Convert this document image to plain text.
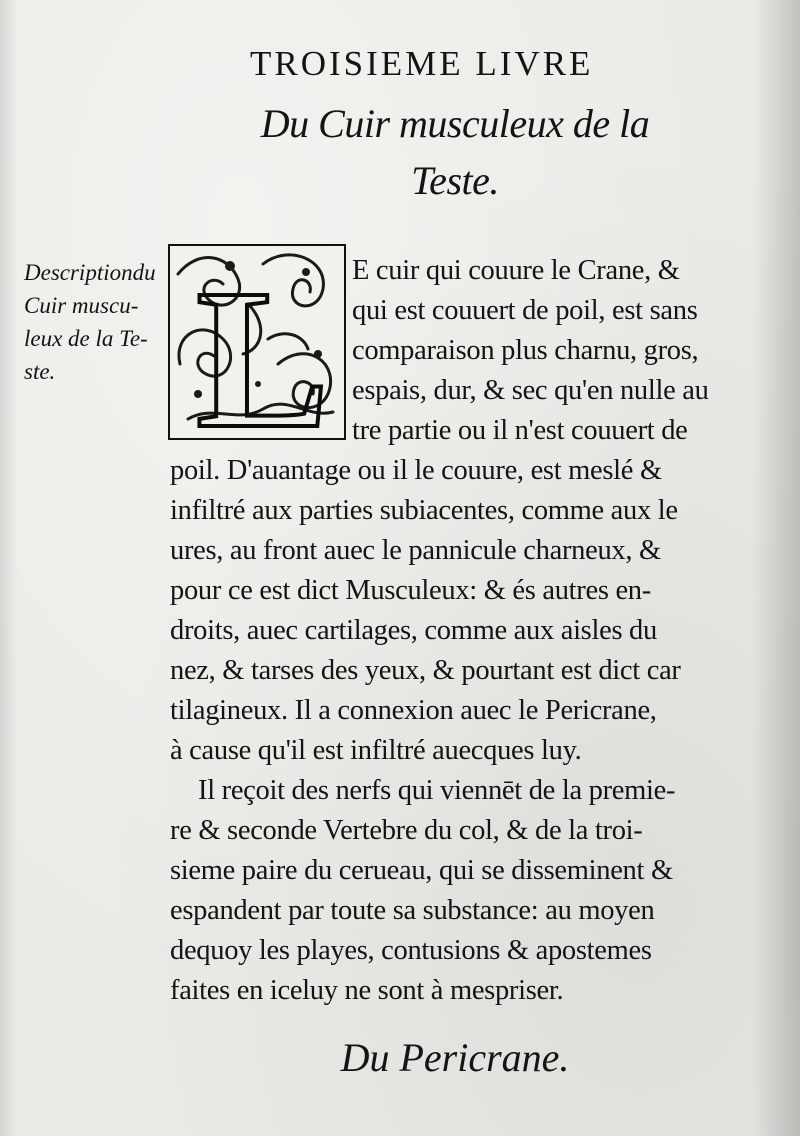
TROISIEME LIVRE
Du Cuir musculeux de la
Teste.
Descriptiondu
Cuir muscu-
leux de la Te-
ste. L E cuir qui couure le Crane, &
qui est couuert de poil, est sans
comparaison plus charnu, gros,
espais, dur, & sec qu'en nulle au
tre partie ou il n'est couuert de
poil. D'auantage ou il le couure, est meslé &
infiltré aux parties subiacentes, comme aux le
ures, au front auec le pannicule charneux, &
pour ce est dict Musculeux: & és autres en-
droits, auec cartilages, comme aux aisles du
nez, & tarses des yeux, & pourtant est dict car
tilagineux. Il a connexion auec le Pericrane,
à cause qu'il est infiltré auecques luy.
Il reçoit des nerfs qui viennēt de la premie-
re & seconde Vertebre du col, & de la troi-
sieme paire du cerueau, qui se disseminent &
espandent par toute sa substance: au moyen
dequoy les playes, contusions & apostemes
faites en iceluy ne sont à mespriser.
Du Pericrane.
